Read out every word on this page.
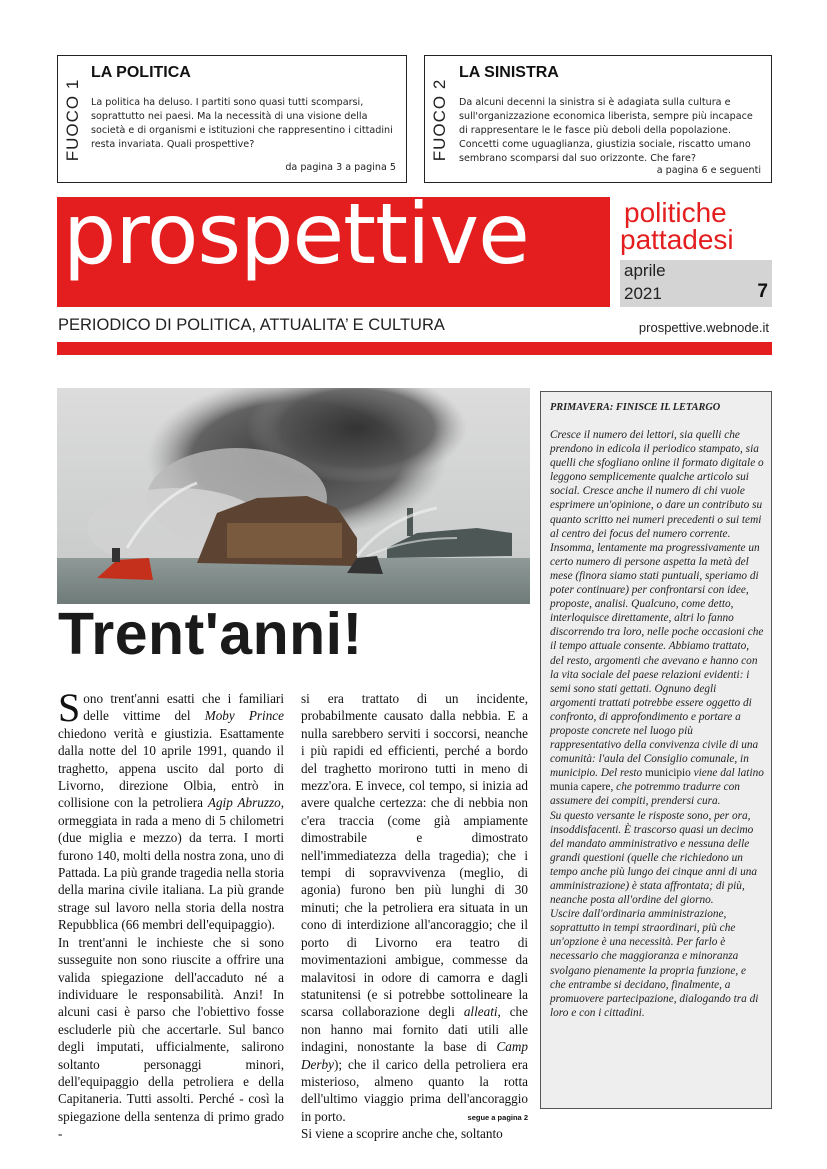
FUOCO 1
LA POLITICA

La politica ha deluso. I partiti sono quasi tutti scomparsi, soprattutto nei paesi. Ma la necessità di una visione della società e di organismi e istituzioni che rappresentino i cittadini resta invariata. Quali prospettive?

da pagina 3 a pagina 5
FUOCO 2
LA SINISTRA

Da alcuni decenni la sinistra si è adagiata sulla cultura e sull'organizzazione economica liberista, sempre più incapace di rappresentare le le fasce più deboli della popolazione. Concetti come uguaglianza, giustizia sociale, riscatto umano sembrano scomparsi dal suo orizzonte. Che fare?

a pagina 6 e seguenti
prospettive	politiche
pattadesi
aprile
2021	7
PERIODICO DI POLITICA, ATTUALITA’ E CULTURA	prospettive.webnode.it
Trent'anni!

Sono trent'anni esatti che i familiari delle vittime del Moby Prince chiedono verità e giustizia. Esattamente dalla notte del 10 aprile 1991, quando il traghetto, appena uscito dal porto di Livorno, direzione Olbia, entrò in collisione con la petroliera Agip Abruzzo, ormeggiata in rada a meno di 5 chilometri (due miglia e mezzo) da terra. I morti furono 140, molti della nostra zona, uno di Pattada. La più grande tragedia nella storia della marina civile italiana. La più grande strage sul lavoro nella storia della nostra Repubblica (66 membri dell'equipaggio).

In trent'anni le inchieste che si sono susseguite non sono riuscite a offrire una valida spiegazione dell'accaduto né a individuare le responsabilità. Anzi! In alcuni casi è parso che l'obiettivo fosse escluderle più che accertarle. Sul banco degli imputati, ufficialmente, salirono soltanto personaggi minori, dell'equipaggio della petroliera e della Capitaneria. Tutti assolti. Perché - così la spiegazione della sentenza di primo grado -

si era trattato di un incidente, probabilmente causato dalla nebbia. E a nulla sarebbero serviti i soccorsi, neanche i più rapidi ed efficienti, perché a bordo del traghetto morirono tutti in meno di mezz'ora. E invece, col tempo, si inizia ad avere qualche certezza: che di nebbia non c'era traccia (come già ampiamente dimostrabile e dimostrato nell'immediatezza della tragedia); che i tempi di sopravvivenza (meglio, di agonia) furono ben più lunghi di 30 minuti; che la petroliera era situata in un cono di interdizione all'ancoraggio; che il porto di Livorno era teatro di movimentazioni ambigue, commesse da malavitosi in odore di camorra e dagli statunitensi (e si potrebbe sottolineare la scarsa collaborazione degli alleati, che non hanno mai fornito dati utili alle indagini, nonostante la base di Camp Derby); che il carico della petroliera era misterioso, almeno quanto la rotta dell'ultimo viaggio prima dell'ancoraggio in porto.

Si viene a scoprire anche che, soltanto

segue a pagina 2
PRIMAVERA: FINISCE IL LETARGO

Cresce il numero dei lettori, sia quelli che prendono in edicola il periodico stampato, sia quelli che sfogliano online il formato digitale o leggono semplicemente qualche articolo sui social. Cresce anche il numero di chi vuole esprimere un'opinione, o dare un contributo su quanto scritto nei numeri precedenti o sui temi al centro dei focus del numero corrente. Insomma, lentamente ma progressivamente un certo numero di persone aspetta la metà del mese (finora siamo stati puntuali, speriamo di poter continuare) per confrontarsi con idee, proposte, analisi. Qualcuno, come detto, interloquisce direttamente, altri lo fanno discorrendo tra loro, nelle poche occasioni che il tempo attuale consente. Abbiamo trattato, del resto, argomenti che avevano e hanno con la vita sociale del paese relazioni evidenti: i semi sono stati gettati. Ognuno degli argomenti trattati potrebbe essere oggetto di confronto, di approfondimento e portare a proposte concrete nel luogo più rappresentativo della convivenza civile di una comunità: l'aula del Consiglio comunale, in municipio. Del resto municipio viene dal latino munia capere, che potremmo tradurre con assumere dei compiti, prendersi cura.

Su questo versante le risposte sono, per ora, insoddisfacenti. È trascorso quasi un decimo del mandato amministrativo e nessuna delle grandi questioni (quelle che richiedono un tempo anche più lungo dei cinque anni di una amministrazione) è stata affrontata; di più, neanche posta all'ordine del giorno.

Uscire dall'ordinaria amministrazione, soprattutto in tempi straordinari, più che un'opzione è una necessità. Per farlo è necessario che maggioranza e minoranza svolgano pienamente la propria funzione, e che entrambe si decidano, finalmente, a promuovere partecipazione, dialogando tra di loro e con i cittadini.
